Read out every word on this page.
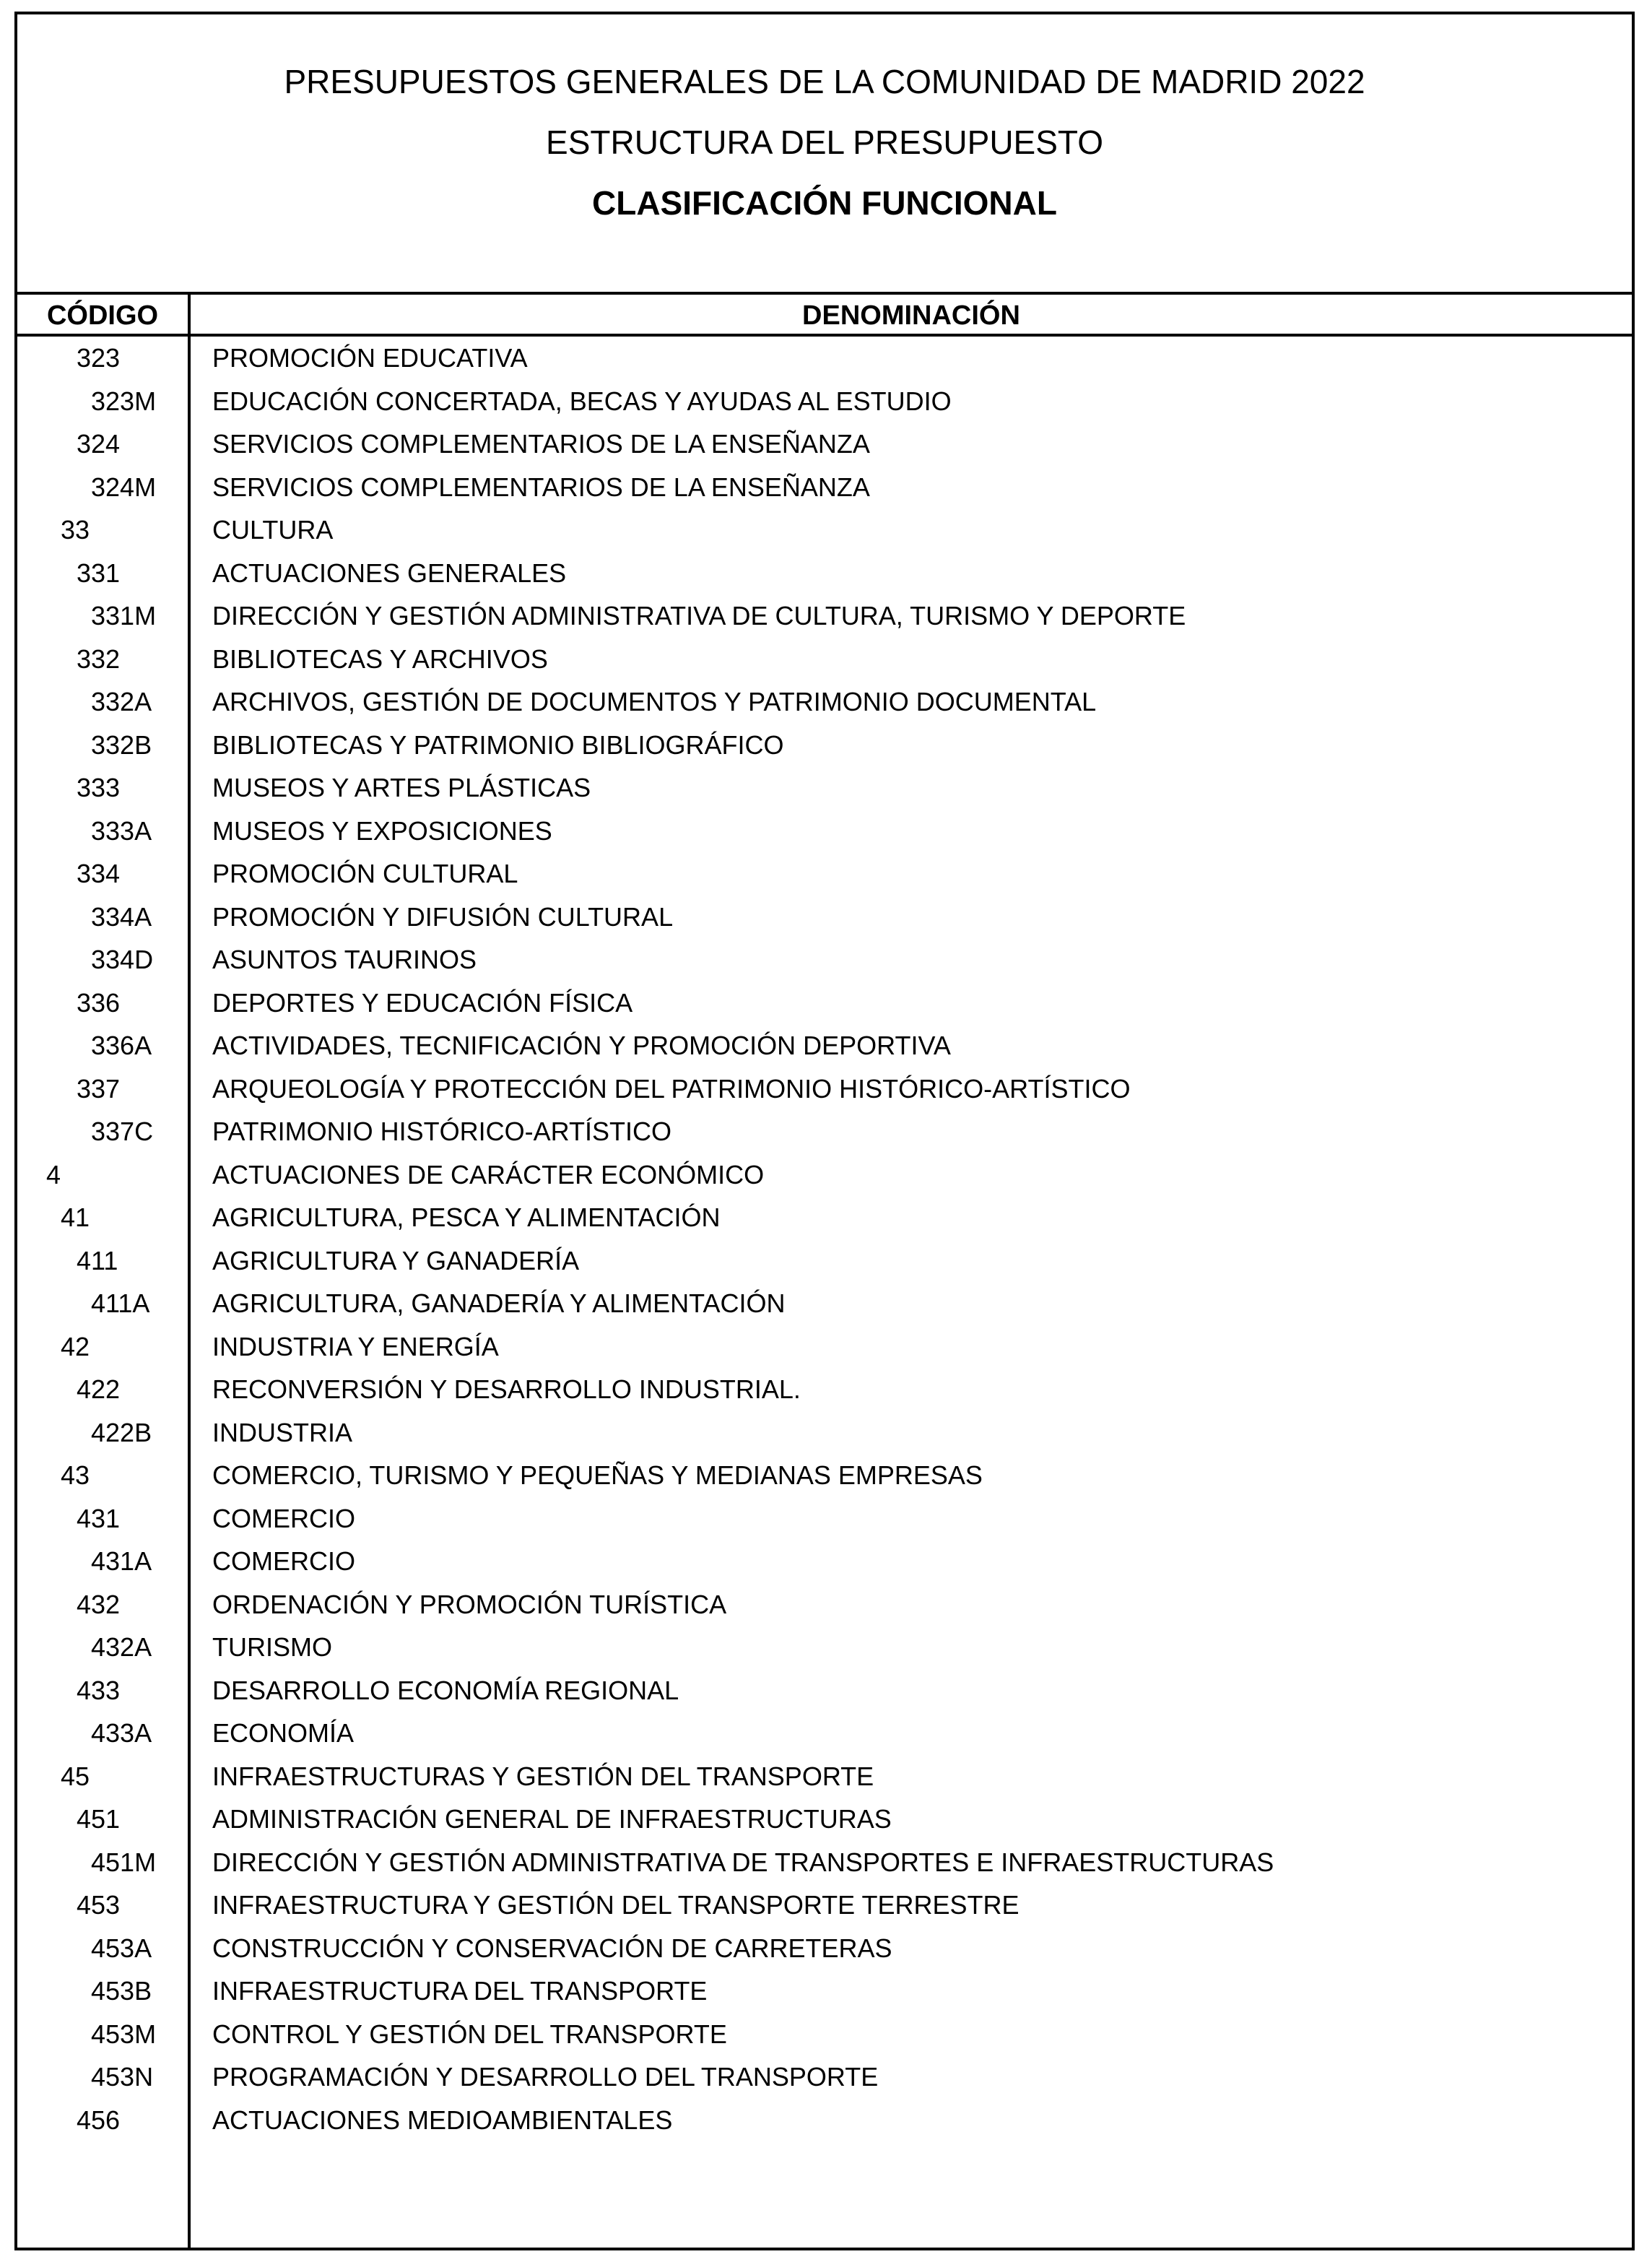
PRESUPUESTOS GENERALES DE LA COMUNIDAD DE MADRID 2022
ESTRUCTURA DEL PRESUPUESTO
CLASIFICACIÓN FUNCIONAL
CÓDIGO	DENOMINACIÓN
323	PROMOCIÓN EDUCATIVA
323M EDUCACIÓN CONCERTADA, BECAS Y AYUDAS AL ESTUDIO
324	SERVICIOS COMPLEMENTARIOS DE LA ENSEÑANZA
324M SERVICIOS COMPLEMENTARIOS DE LA ENSEÑANZA
33	CULTURA
331	ACTUACIONES GENERALES
331M DIRECCIÓN Y GESTIÓN ADMINISTRATIVA DE CULTURA, TURISMO Y DEPORTE
332	BIBLIOTECAS Y ARCHIVOS
332A ARCHIVOS, GESTIÓN DE DOCUMENTOS Y PATRIMONIO DOCUMENTAL
332B BIBLIOTECAS Y PATRIMONIO BIBLIOGRÁFICO
333	MUSEOS Y ARTES PLÁSTICAS
333A MUSEOS Y EXPOSICIONES
334	PROMOCIÓN CULTURAL
334A PROMOCIÓN Y DIFUSIÓN CULTURAL
334D ASUNTOS TAURINOS
336	DEPORTES Y EDUCACIÓN FÍSICA
336A ACTIVIDADES, TECNIFICACIÓN Y PROMOCIÓN DEPORTIVA
337	ARQUEOLOGÍA Y PROTECCIÓN DEL PATRIMONIO HISTÓRICO-ARTÍSTICO
337C PATRIMONIO HISTÓRICO-ARTÍSTICO
4	ACTUACIONES DE CARÁCTER ECONÓMICO
41	AGRICULTURA, PESCA Y ALIMENTACIÓN
411	AGRICULTURA Y GANADERÍA
411A AGRICULTURA, GANADERÍA Y ALIMENTACIÓN
42	INDUSTRIA Y ENERGÍA
422	RECONVERSIÓN Y DESARROLLO INDUSTRIAL.
422B INDUSTRIA
43	COMERCIO, TURISMO Y PEQUEÑAS Y MEDIANAS EMPRESAS
431	COMERCIO
431A COMERCIO
432	ORDENACIÓN Y PROMOCIÓN TURÍSTICA
432A TURISMO
433	DESARROLLO ECONOMÍA REGIONAL
433A ECONOMÍA
45	INFRAESTRUCTURAS Y GESTIÓN DEL TRANSPORTE
451	ADMINISTRACIÓN GENERAL DE INFRAESTRUCTURAS
451M DIRECCIÓN Y GESTIÓN ADMINISTRATIVA DE TRANSPORTES E INFRAESTRUCTURAS
453	INFRAESTRUCTURA Y GESTIÓN DEL TRANSPORTE TERRESTRE
453A CONSTRUCCIÓN Y CONSERVACIÓN DE CARRETERAS
453B INFRAESTRUCTURA DEL TRANSPORTE
453M CONTROL Y GESTIÓN DEL TRANSPORTE
453N PROGRAMACIÓN Y DESARROLLO DEL TRANSPORTE
456	ACTUACIONES MEDIOAMBIENTALES
